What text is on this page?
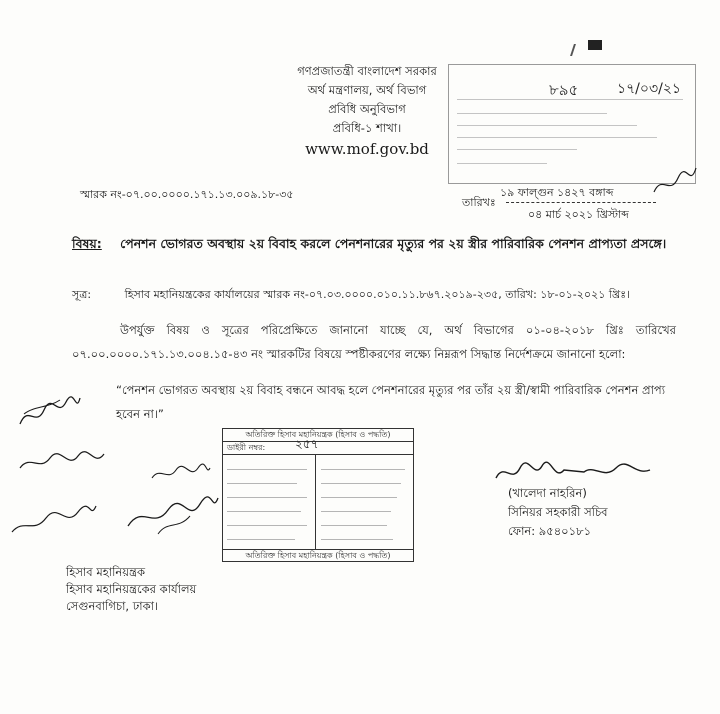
গণপ্রজাতন্ত্রী বাংলাদেশ সরকার
অর্থ মন্ত্রণালয়, অর্থ বিভাগ
প্রবিধি অনুবিভাগ
প্রবিধি-১ শাখা।
www.mof.gov.bd
৮৯৫	১৭/০৩/২১
স্মারক নং-০৭.০০.০০০০.১৭১.১৩.০০৯.১৮-৩৫	১৯ ফাল্গুন ১৪২৭ বঙ্গাব্দ
তারিখঃ
০৪ মার্চ ২০২১ খ্রিস্টাব্দ
বিষয়: পেনশন ভোগরত অবস্থায় ২য় বিবাহ করলে পেনশনারের মৃত্যুর পর ২য় স্ত্রীর পারিবারিক পেনশন প্রাপ্যতা প্রসঙ্গে।
সূত্র:	হিসাব মহানিয়ন্ত্রকের কার্যালয়ের স্মারক নং-০৭.০৩.০০০০.০১০.১১.৮৬৭.২০১৯-২৩৫, তারিখ: ১৮-০১-২০২১ খ্রিঃ।
উপর্যুক্ত বিষয় ও সূত্রের পরিপ্রেক্ষিতে জানানো যাচ্ছে যে, অর্থ বিভাগের ০১-০৪-২০১৮ খ্রিঃ তারিখের ০৭.০০.০০০০.১৭১.১৩.০০৪.১৫-৪৩ নং স্মারকটির বিষয়ে স্পষ্টীকরণের লক্ষ্যে নিম্নরূপ সিদ্ধান্ত নির্দেশক্রমে জানানো হলো:
“পেনশন ভোগরত অবস্থায় ২য় বিবাহ বন্ধনে আবদ্ধ হলে পেনশনারের মৃত্যুর পর তাঁর ২য় স্ত্রী/স্বামী পারিবারিক পেনশন প্রাপ্য হবেন না।”
অতিরিক্ত হিসাব মহানিয়ন্ত্রক (হিসাব ও পদ্ধতি)
ডাইরী নম্বর: ২৫৭
অতিরিক্ত হিসাব মহানিয়ন্ত্রক (হিসাব ও পদ্ধতি)
(খালেদা নাহরিন)
সিনিয়র সহকারী সচিব
ফোন: ৯৫৪০১৮১
হিসাব মহানিয়ন্ত্রক
হিসাব মহানিয়ন্ত্রকের কার্যালয়
সেগুনবাগিচা, ঢাকা।
